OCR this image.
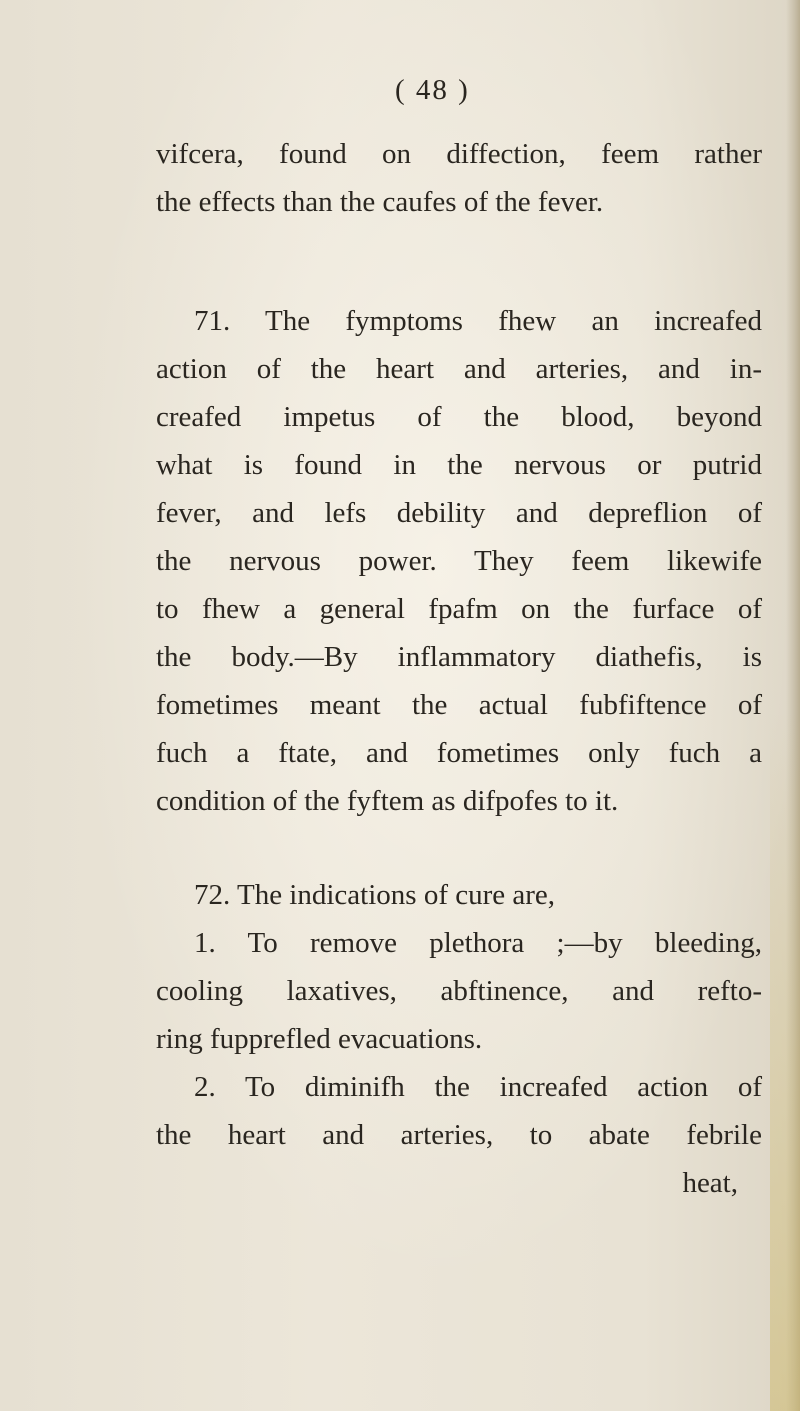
( 48 )
vifcera, found on diffection, feem rather
the effects than the caufes of the fever.
71. The fymptoms fhew an increafed
action of the heart and arteries, and in-
creafed impetus of the blood, beyond
what is found in the nervous or putrid
fever, and lefs debility and depreflion of
the nervous power. They feem likewife
to fhew a general fpafm on the furface of
the body.—By inflammatory diathefis, is
fometimes meant the actual fubfiftence of
fuch a ftate, and fometimes only fuch a
condition of the fyftem as difpofes to it.
72. The indications of cure are,
1. To remove plethora ;—by bleeding,
cooling laxatives, abftinence, and refto-
ring fupprefled evacuations.
2. To diminifh the increafed action of
the heart and arteries, to abate febrile
heat,
